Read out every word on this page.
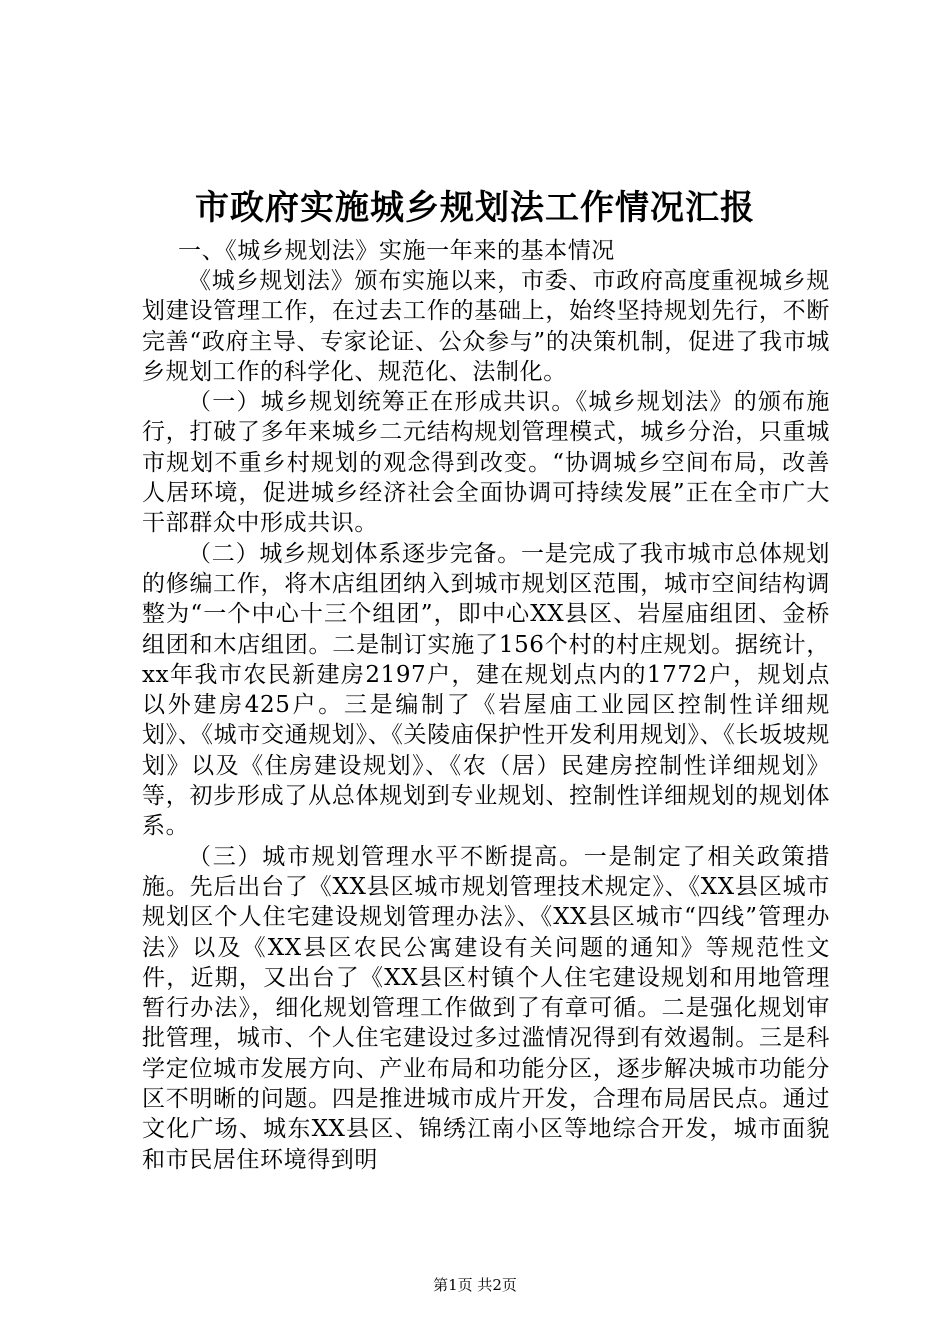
市政府实施城乡规划法工作情况汇报

一、《城乡规划法》实施一年来的基本情况

《城乡规划法》颁布实施以来，市委、市政府高度重视城乡规划建设管理工作，在过去工作的基础上，始终坚持规划先行，不断完善“政府主导、专家论证、公众参与”的决策机制，促进了我市城乡规划工作的科学化、规范化、法制化。

（一）城乡规划统筹正在形成共识。《城乡规划法》的颁布施行，打破了多年来城乡二元结构规划管理模式，城乡分治，只重城市规划不重乡村规划的观念得到改变。“协调城乡空间布局，改善人居环境，促进城乡经济社会全面协调可持续发展”正在全市广大干部群众中形成共识。

（二）城乡规划体系逐步完备。一是完成了我市城市总体规划的修编工作，将木店组团纳入到城市规划区范围，城市空间结构调整为“一个中心十三个组团”，即中心XX县区、岩屋庙组团、金桥组团和木店组团。二是制订实施了156个村的村庄规划。据统计，xx年我市农民新建房2197户，建在规划点内的1772户，规划点以外建房425户。三是编制了《岩屋庙工业园区控制性详细规划》、《城市交通规划》、《关陵庙保护性开发利用规划》、《长坂坡规划》以及《住房建设规划》、《农（居）民建房控制性详细规划》等，初步形成了从总体规划到专业规划、控制性详细规划的规划体系。

（三）城市规划管理水平不断提高。一是制定了相关政策措施。先后出台了《XX县区城市规划管理技术规定》、《XX县区城市规划区个人住宅建设规划管理办法》、《XX县区城市“四线”管理办法》以及《XX县区农民公寓建设有关问题的通知》等规范性文件，近期，又出台了《XX县区村镇个人住宅建设规划和用地管理暂行办法》，细化规划管理工作做到了有章可循。二是强化规划审批管理，城市、个人住宅建设过多过滥情况得到有效遏制。三是科学定位城市发展方向、产业布局和功能分区，逐步解决城市功能分区不明晰的问题。四是推进城市成片开发，合理布局居民点。通过文化广场、城东XX县区、锦绣江南小区等地综合开发，城市面貌和市民居住环境得到明

第1页 共2页
